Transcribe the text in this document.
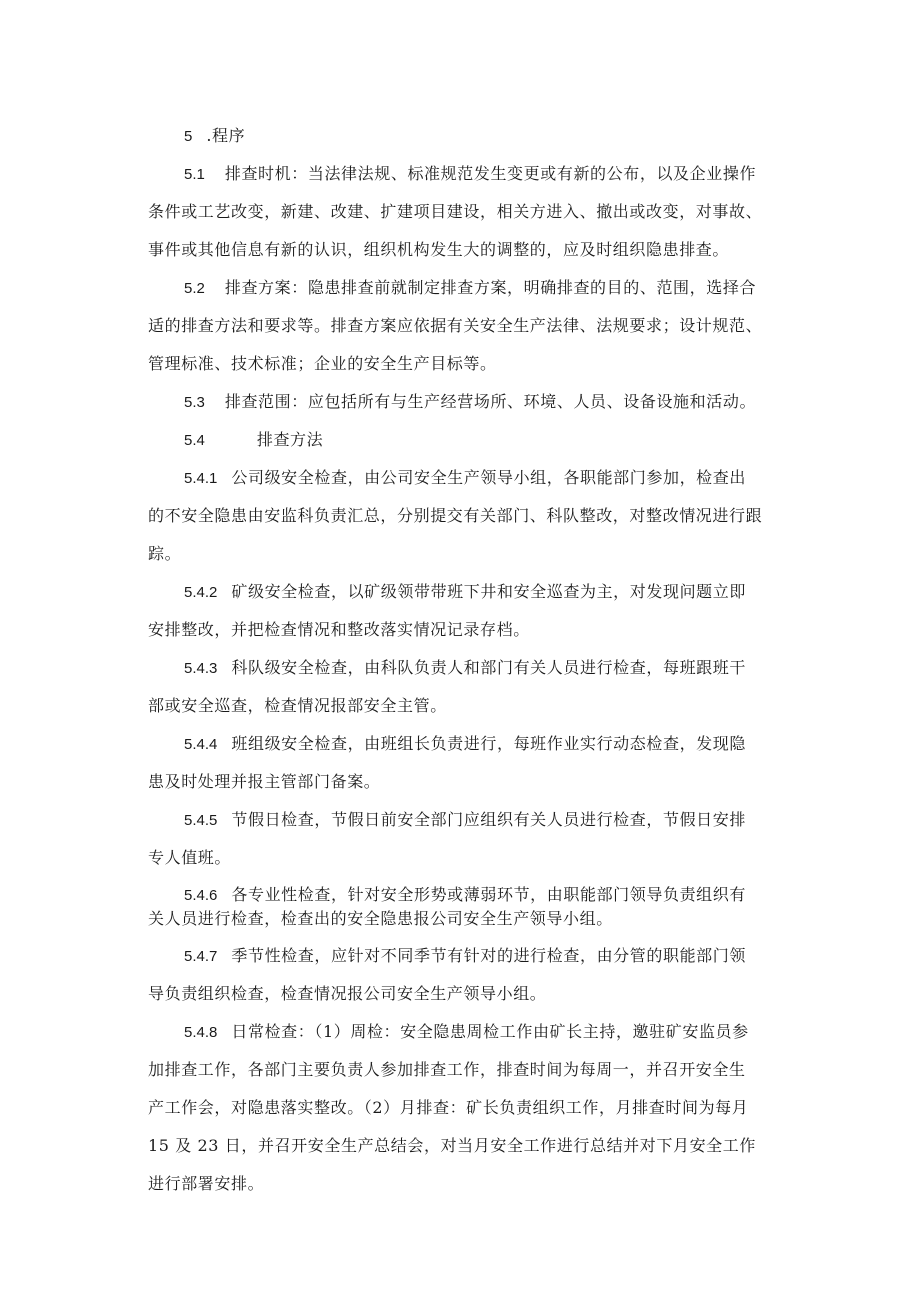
5 .程序
5.1 排查时机：当法律法规、标准规范发生变更或有新的公布，以及企业操作
条件或工艺改变，新建、改建、扩建项目建设，相关方进入、撤出或改变，对事故、
事件或其他信息有新的认识，组织机构发生大的调整的，应及时组织隐患排查。
5.2 排查方案：隐患排查前就制定排查方案，明确排查的目的、范围，选择合
适的排查方法和要求等。排查方案应依据有关安全生产法律、法规要求；设计规范、
管理标准、技术标准；企业的安全生产目标等。
5.3 排查范围：应包括所有与生产经营场所、环境、人员、设备设施和活动。
5.4	排查方法
5.4.1 公司级安全检查，由公司安全生产领导小组，各职能部门参加，检查出
的不安全隐患由安监科负责汇总，分别提交有关部门、科队整改，对整改情况进行跟
踪。
5.4.2 矿级安全检查，以矿级领带带班下井和安全巡查为主，对发现问题立即
安排整改，并把检查情况和整改落实情况记录存档。
5.4.3 科队级安全检查，由科队负责人和部门有关人员进行检查，每班跟班干
部或安全巡查，检查情况报部安全主管。
5.4.4 班组级安全检查，由班组长负责进行，每班作业实行动态检查，发现隐
患及时处理并报主管部门备案。
5.4.5 节假日检查，节假日前安全部门应组织有关人员进行检查，节假日安排
专人值班。
5.4.6 各专业性检查，针对安全形势或薄弱环节，由职能部门领导负责组织有
关人员进行检查，检查出的安全隐患报公司安全生产领导小组。
5.4.7 季节性检查，应针对不同季节有针对的进行检查，由分管的职能部门领
导负责组织检查，检查情况报公司安全生产领导小组。
5.4.8 日常检查：（1）周检：安全隐患周检工作由矿长主持，邀驻矿安监员参
加排查工作，各部门主要负责人参加排查工作，排查时间为每周一，并召开安全生
产工作会，对隐患落实整改。（2）月排查：矿长负责组织工作，月排查时间为每月
15 及 23 日，并召开安全生产总结会，对当月安全工作进行总结并对下月安全工作
进行部署安排。
